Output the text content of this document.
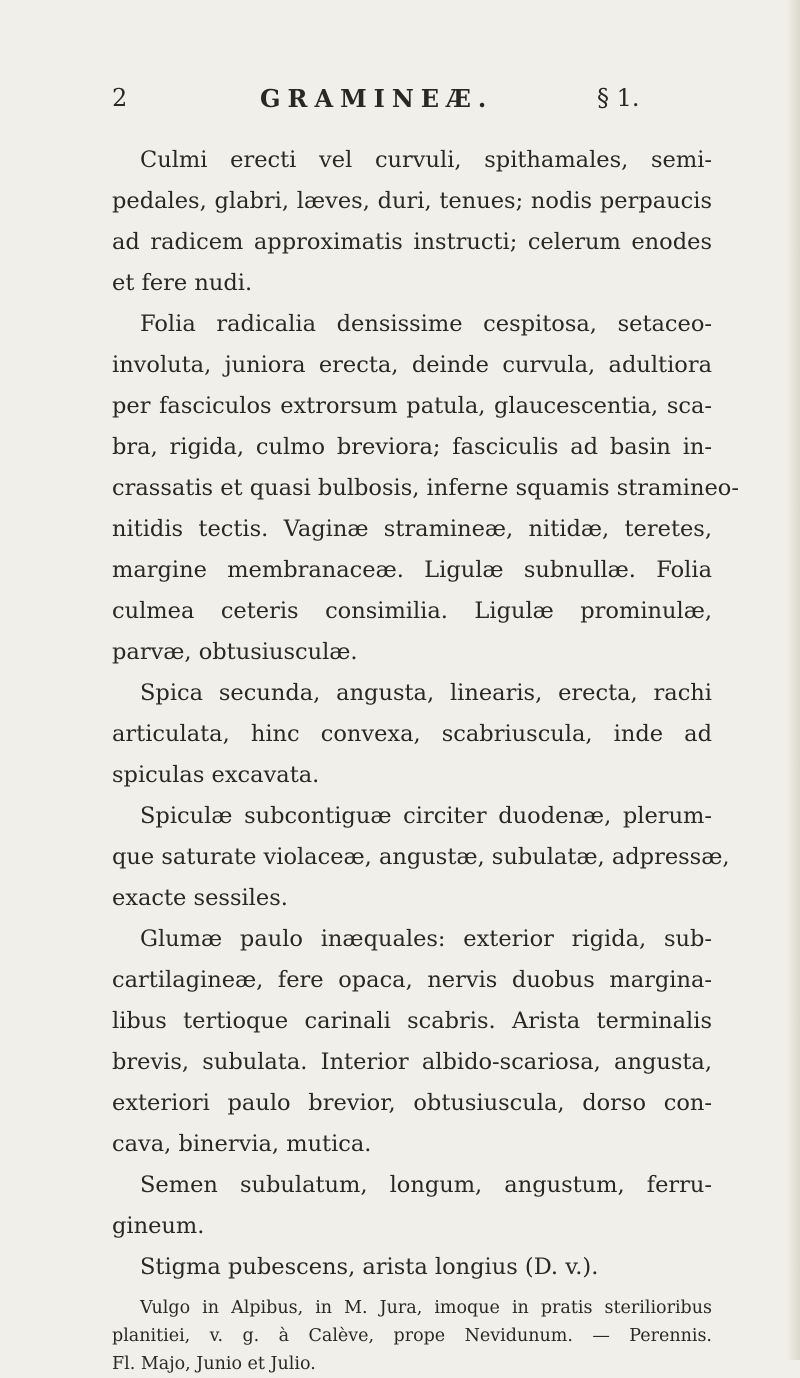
2	GRAMINEÆ.	§ 1.
Culmi erecti vel curvuli, spithamales, semi-
pedales, glabri, læves, duri, tenues; nodis perpaucis
ad radicem approximatis instructi; celerum enodes
et fere nudi.
Folia radicalia densissime cespitosa, setaceo-
involuta, juniora erecta, deinde curvula, adultiora
per fasciculos extrorsum patula, glaucescentia, sca-
bra, rigida, culmo breviora; fasciculis ad basin in-
crassatis et quasi bulbosis, inferne squamis stramineo-
nitidis tectis. Vaginæ stramineæ, nitidæ, teretes,
margine membranaceæ. Ligulæ subnullæ. Folia
culmea ceteris consimilia. Ligulæ prominulæ,
parvæ, obtusiusculæ.
Spica secunda, angusta, linearis, erecta, rachi
articulata, hinc convexa, scabriuscula, inde ad
spiculas excavata.
Spiculæ subcontiguæ circiter duodenæ, plerum-
que saturate violaceæ, angustæ, subulatæ, adpressæ,
exacte sessiles.
Glumæ paulo inæquales: exterior rigida, sub-
cartilagineæ, fere opaca, nervis duobus margina-
libus tertioque carinali scabris. Arista terminalis
brevis, subulata. Interior albido-scariosa, angusta,
exteriori paulo brevior, obtusiuscula, dorso con-
cava, binervia, mutica.
Semen subulatum, longum, angustum, ferru-
gineum.
Stigma pubescens, arista longius (D. v.).
Vulgo in Alpibus, in M. Jura, imoque in pratis sterilioribus
planitiei, v. g. à Calève, prope Nevidunum. — Perennis.
Fl. Majo, Junio et Julio.
